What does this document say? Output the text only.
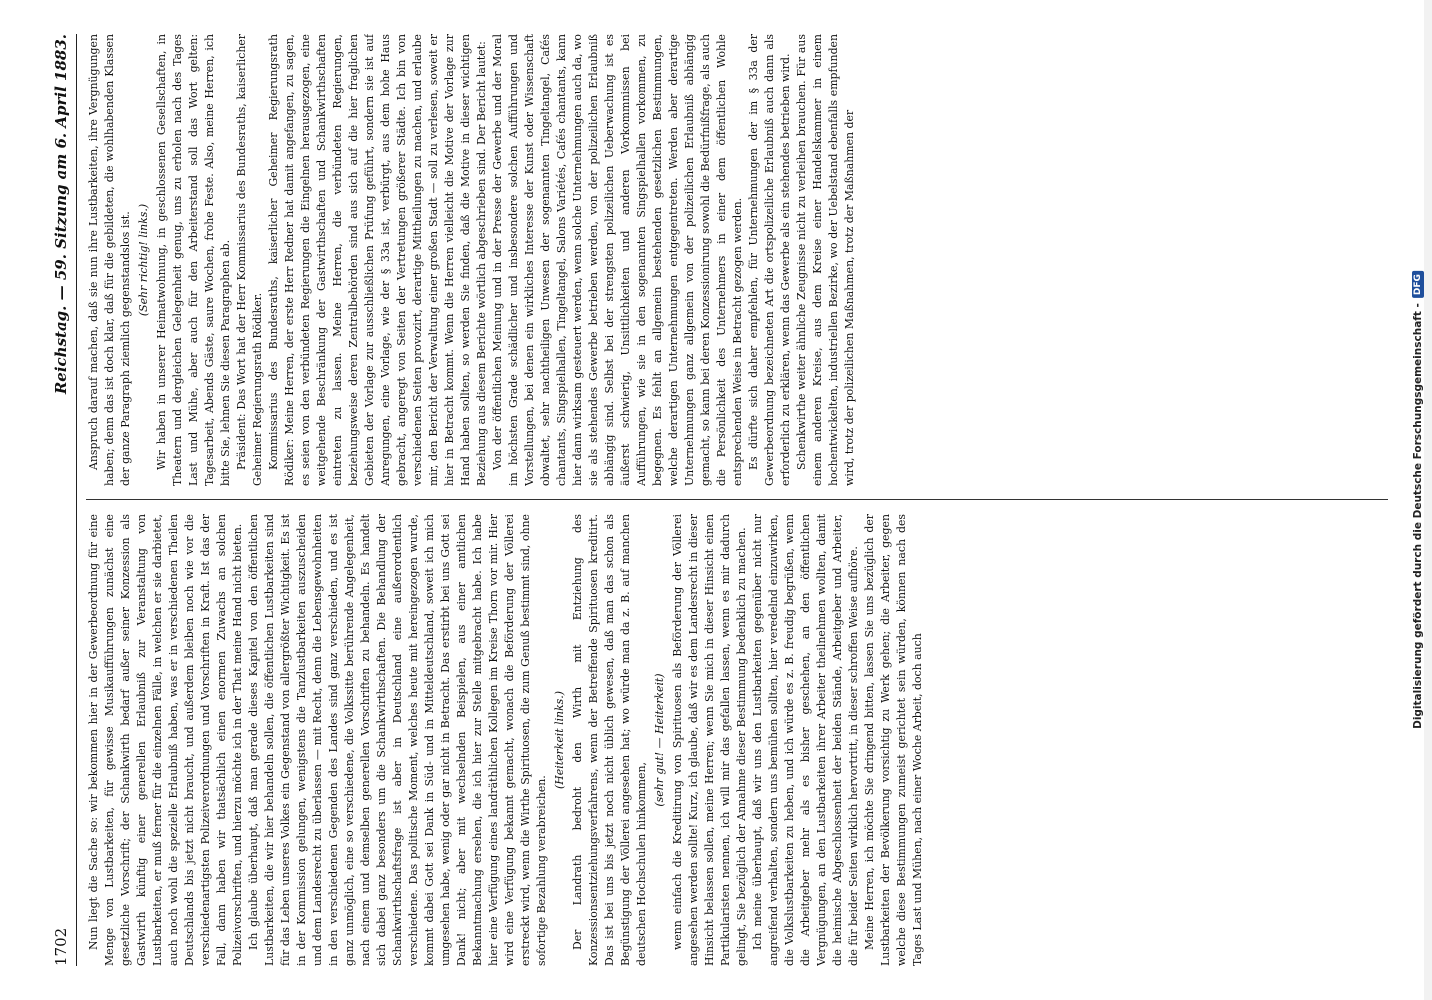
1702
Reichstag. — 59. Sitzung am 6. April 1883.

Nun liegt die Sache so: wir bekommen hier in der Gewerbeordnung für eine Menge von Lustbarkeiten, für gewisse Musikaufführungen zunächst eine gesetzliche Vorschrift; der Schankwirth bedarf außer seiner Konzession als Gastwirth künftig einer generellen Erlaubniß zur Veranstaltung von Lustbarkeiten, er muß ferner für die einzelnen Fälle, in welchen er sie darbietet, auch noch wohl die spezielle Erlaubniß haben, was er in verschiedenen Theilen Deutschlands bis jetzt nicht braucht, und außerdem bleiben noch wie vor die verschiedenartigsten Polizeiverordnungen und Vorschriften in Kraft. Ist das der Fall, dann haben wir thatsächlich einen enormen Zuwachs an solchen Polizeivorschriften, und hierzu möchte ich in der That meine Hand nicht bieten. Ich glaube überhaupt, daß man gerade dieses Kapitel von den öffentlichen Lustbarkeiten, die wir hier behandeln sollen, die öffentlichen Lustbarkeiten sind für das Leben unseres Volkes ein Gegenstand von allergrößter Wichtigkeit. Es ist in der Kommission gelungen, wenigstens die Tanzlustbarkeiten auszuscheiden und dem Landesrecht zu überlassen — mit Recht, denn die Lebensgewohnheiten in den verschiedenen Gegenden des Landes sind ganz verschieden, und es ist ganz unmöglich, eine so verschiedene, die Volkssitte berührende Angelegenheit, nach einem und demselben generellen Vorschriften zu behandeln. Es handelt sich dabei ganz besonders um die Schankwirthschaften. Die Behandlung der Schankwirthschaftsfrage ist aber in Deutschland eine außerordentlich verschiedene. Das politische Moment, welches heute mit hereingezogen wurde, kommt dabei Gott sei Dank in Süd- und in Mitteldeutschland, soweit ich mich umgesehen habe, wenig oder gar nicht in Betracht. Das erstirbt bei uns Gott sei Dank! nicht; aber mit wechselnden Beispielen, aus einer amtlichen Bekanntmachung ersehen, die ich hier zur Stelle mitgebracht habe. Ich habe hier eine Verfügung eines landräthlichen Kollegen im Kreise Thorn vor mir. Hier wird eine Verfügung bekannt gemacht, wonach die Beförderung der Völlerei erstreckt wird, wenn die Wirthe Spirituosen, die zum Genuß bestimmt sind, ohne sofortige Bezahlung verabreichen.

(Heiterkeit links.) Der Landrath bedroht den Wirth mit Entziehung des Konzessionsentziehungsverfahrens, wenn der Betreffende Spirituosen kreditirt. Das ist bei uns bis jetzt noch nicht üblich gewesen, daß man das schon als Begünstigung der Völlerei angesehen hat; wo würde man da z. B. auf manchen deutschen Hochschulen hinkommen,

(sehr gut! — Heiterkeit) wenn einfach die Kreditirung von Spirituosen als Beförderung der Völlerei angesehen werden sollte! Kurz, ich glaube, daß wir es dem Landesrecht in dieser Hinsicht belassen sollen, meine Herren; wenn Sie mich in dieser Hinsicht einen Partikularisten nennen, ich will mir das gefallen lassen, wenn es mir dadurch gelingt, Sie bezüglich der Annahme dieser Bestimmung bedenklich zu machen. Ich meine überhaupt, daß wir uns den Lustbarkeiten gegenüber nicht nur angreifend verhalten, sondern uns bemühen sollten, hier veredelnd einzuwirken, die Volkslustbarkeiten zu heben, und ich würde es z. B. freudig begrüßen, wenn die Arbeitgeber mehr als es bisher geschehen, an den öffentlichen Vergnügungen, an den Lustbarkeiten ihrer Arbeiter theilnehmen wollten, damit die heimische Abgeschlossenheit der beiden Stände, Arbeitgeber und Arbeiter, die für beider Seiten wirklich hervortritt, in dieser schroffen Weise aufhöre. Meine Herren, ich möchte Sie dringend bitten, lassen Sie uns bezüglich der Lustbarkeiten der Bevölkerung vorsichtig zu Werk gehen; die Arbeiter, gegen welche diese Bestimmungen zumeist gerichtet sein würden, können nach des Tages Last und Mühen, nach einer Woche Arbeit, doch auch

Anspruch darauf machen, daß sie nun ihre Lustbarkeiten, ihre Vergnügungen haben; denn das ist doch klar, daß für die gebildeten, die wohlhabenden Klassen der ganze Paragraph ziemlich gegenstandslos ist. (Sehr richtig! links.) Wir haben in unserer Heimatwohnung, in geschlossenen Gesellschaften, in Theatern und dergleichen Gelegenheit genug, uns zu erholen nach des Tages Last und Mühe, aber auch für den Arbeiterstand soll das Wort gelten: Tagesarbeit, Abends Gäste, saure Wochen, frohe Feste. Also, meine Herren, ich bitte Sie, lehnen Sie diesen Paragraphen ab. Präsident: Das Wort hat der Herr Kommissarius des Bundesraths, kaiserlicher Geheimer Regierungsrath Rödiker. Kommissarius des Bundesraths, kaiserlicher Geheimer Regierungsrath Rödiker: Meine Herren, der erste Herr Redner hat damit angefangen, zu sagen, es seien von den verbündeten Regierungen die Eingelnen herausgezogen, eine weitgehende Beschränkung der Gastwirthschaften und Schankwirthschaften eintreten zu lassen. Meine Herren, die verbündeten Regierungen, beziehungsweise deren Zentralbehörden sind aus sich auf die hier fraglichen Gebieten der Vorlage zur ausschließlichen Prüfung geführt, sondern sie ist auf Anregungen, eine Vorlage, wie der § 33a ist, verbürgt, aus dem hohe Haus gebracht, angeregt von Seiten der Vertretungen größerer Städte. Ich bin von verschiedenen Seiten provozirt, derartige Mittheilungen zu machen, und erlaube mir, den Bericht der Verwaltung einer großen Stadt — soll zu verlesen, soweit er hier in Betracht kommt. Wenn die Herren vielleicht die Motive der Vorlage zur Hand haben sollten, so werden Sie finden, daß die Motive in dieser wichtigen Beziehung aus diesem Berichte wörtlich abgeschrieben sind. Der Bericht lautet: Von der öffentlichen Meinung und in der Presse der Gewerbe und der Moral im höchsten Grade schädlicher und insbesondere solchen Aufführungen und Vorstellungen, bei denen ein wirkliches Interesse der Kunst oder Wissenschaft obwaltet, sehr nachtheiligen Unwesen der sogenannten Tingeltangel, Cafés chantants, Singspielhallen, Tingeltangel, Salons Variétés, Cafés chantants, kann hier dann wirksam gesteuert werden, wenn solche Unternehmungen auch da, wo sie als stehendes Gewerbe betrieben werden, von der polizeilichen Erlaubniß abhängig sind. Selbst bei der strengsten polizeilichen Ueberwachung ist es äußerst schwierig, Unsittlichkeiten und anderen Vorkommnissen bei Aufführungen, wie sie in den sogenannten Singspielhallen vorkommen, zu begegnen. Es fehlt an allgemein bestehenden gesetzlichen Bestimmungen, welche derartigen Unternehmungen entgegentreten. Werden aber derartige Unternehmungen ganz allgemein von der polizeilichen Erlaubniß abhängig gemacht, so kann bei deren Konzessionirung sowohl die Bedürfnißfrage, als auch die Persönlichkeit des Unternehmers in einer dem öffentlichen Wohle entsprechenden Weise in Betracht gezogen werden. Es dürfte sich daher empfehlen, für Unternehmungen der im § 33a der Gewerbeordnung bezeichneten Art die ortspolizeiliche Erlaubniß auch dann als erforderlich zu erklären, wenn das Gewerbe als ein stehendes betrieben wird. Schenkwirthe weiter ähnliche Zeugnisse nicht zu verleihen brauchen. Für aus einem anderen Kreise, aus dem Kreise einer Handelskammer in einem hochentwickelten, industriellen Bezirke, wo der Uebelstand ebenfalls empfunden wird, trotz der polizeilichen Maßnahmen, trotz der Maßnahmen der

Digitalisierung gefördert durch die Deutsche Forschungsgemeinschaft -
DFG
